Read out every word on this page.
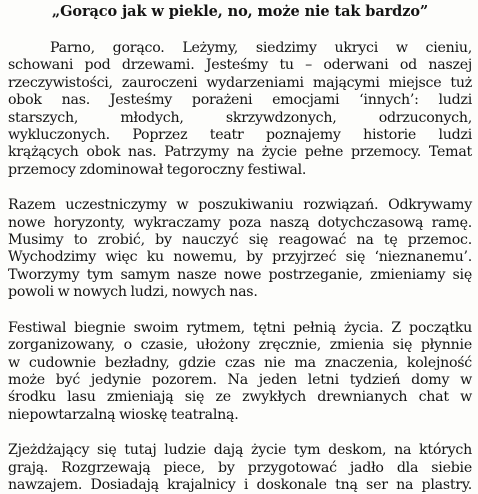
„Gorąco jak w piekle, no, może nie tak bardzo”
Parno, gorąco. Leżymy, siedzimy ukryci w cieniu,
schowani pod drzewami. Jesteśmy tu – oderwani od naszej
rzeczywistości, zauroczeni wydarzeniami mającymi miejsce tuż
obok nas. Jesteśmy porażeni emocjami ‘innych’: ludzi
starszych, młodych, skrzywdzonych, odrzuconych,
wykluczonych. Poprzez teatr poznajemy historie ludzi
krążących obok nas. Patrzymy na życie pełne przemocy. Temat
przemocy zdominował tegoroczny festiwal.
Razem uczestniczymy w poszukiwaniu rozwiązań. Odkrywamy
nowe horyzonty, wykraczamy poza naszą dotychczasową ramę.
Musimy to zrobić, by nauczyć się reagować na tę przemoc.
Wychodzimy więc ku nowemu, by przyjrzeć się ‘nieznanemu’.
Tworzymy tym samym nasze nowe postrzeganie, zmieniamy się
powoli w nowych ludzi, nowych nas.
Festiwal biegnie swoim rytmem, tętni pełnią życia. Z początku
zorganizowany, o czasie, ułożony zręcznie, zmienia się płynnie
w cudownie bezładny, gdzie czas nie ma znaczenia, kolejność
może być jedynie pozorem. Na jeden letni tydzień domy w
środku lasu zmieniają się ze zwykłych drewnianych chat w
niepowtarzalną wioskę teatralną.
Zjeżdżający się tutaj ludzie dają życie tym deskom, na których
grają. Rozgrzewają piece, by przygotować jadło dla siebie
nawzajem. Dosiadają krajalnicy i doskonale tną ser na plastry.
